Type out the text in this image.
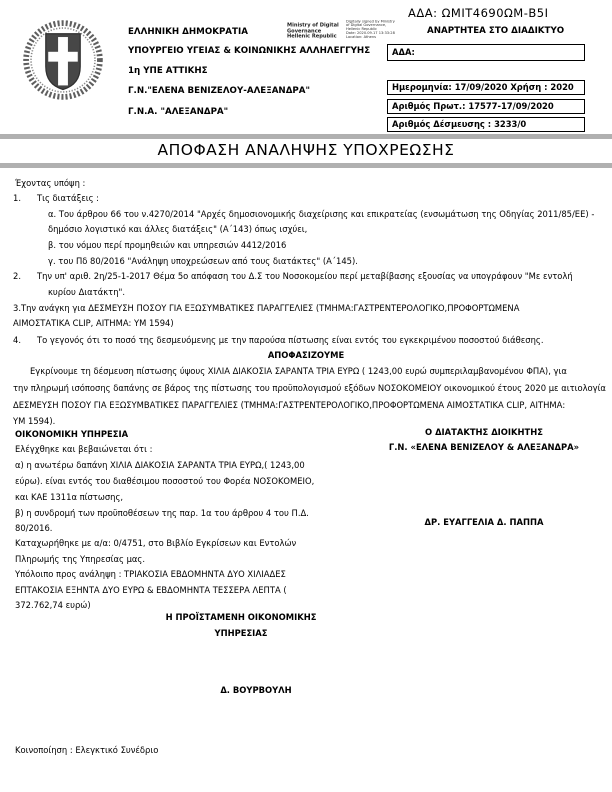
ΕΛΛΗΝΙΚΗ ΔΗΜΟΚΡΑΤΙΑ
ΥΠΟΥΡΓΕΙΟ ΥΓΕΙΑΣ & ΚΟΙΝΩΝΙΚΗΣ ΑΛΛΗΛΕΓΓΥΗΣ
1η ΥΠΕ ΑΤΤΙΚΗΣ
Γ.Ν."ΕΛΕΝΑ ΒΕΝΙΖΕΛΟΥ-ΑΛΕΞΑΝΔΡΑ"
Γ.Ν.Α. "ΑΛΕΞΑΝΔΡΑ"
Ministry of Digital
Governance
Hellenic Republic
Digitally signed by Ministry
of Digital Governance,
Hellenic Republic
Date: 2020.09.17 13:33:28
Location: Athens
ΑΔΑ: ΩΜΙΤ4690ΩΜ-Β5Ι
ΑΝΑΡΤΗΤΕΑ ΣΤΟ ΔΙΑΔΙΚΤΥΟ
ΑΔΑ:
Ημερομηνία: 17/09/2020 Χρήση : 2020
Αριθμός Πρωτ.: 17577-17/09/2020
Αριθμός Δέσμευσης : 3233/0
ΑΠΟΦΑΣΗ ΑΝΑΛΗΨΗΣ ΥΠΟΧΡΕΩΣΗΣ
Έχοντας υπόψη :
1. Τις διατάξεις :
α. Του άρθρου 66 του ν.4270/2014 "Αρχές δημοσιονομικής διαχείρισης και επικρατείας (ενσωμάτωση της Οδηγίας 2011/85/ΕΕ) -
δημόσιο λογιστικό και άλλες διατάξεις" (Α΄143) όπως ισχύει,
β. του νόμου περί προμηθειών και υπηρεσιών 4412/2016
γ. του Πδ 80/2016 "Ανάληψη υποχρεώσεων από τους διατάκτες" (Α΄145).
2. Την υπ' αριθ. 2η/25-1-2017 Θέμα 5ο απόφαση του Δ.Σ του Νοσοκομείου περί μεταβίβασης εξουσίας να υπογράφουν "Με εντολή
κυρίου Διατάκτη".
3.Την ανάγκη για ΔΕΣΜΕΥΣΗ ΠΟΣΟΥ ΓΙΑ ΕΞΩΣΥΜΒΑΤΙΚΕΣ ΠΑΡΑΓΓΕΛΙΕΣ (ΤΜΗΜΑ:ΓΑΣΤΡΕΝΤΕΡΟΛΟΓΙΚΟ,ΠΡΟΦΟΡΤΩΜΕΝΑ
ΑΙΜΟΣΤΑΤΙΚΑ CLIP, ΑΙΤΗΜΑ: ΥΜ 1594)
4. Το γεγονός ότι το ποσό της δεσμευόμενης με την παρούσα πίστωσης είναι εντός του εγκεκριμένου ποσοστού διάθεσης.
ΑΠΟΦΑΣΙΖΟΥΜΕ
Εγκρίνουμε τη δέσμευση πίστωσης ύψους ΧΙΛΙΑ ΔΙΑΚΟΣΙΑ ΣΑΡΑΝΤΑ ΤΡΙΑ ΕΥΡΩ ( 1243,00 ευρώ συμπεριλαμβανομένου ΦΠΑ), για
την πληρωμή ισόποσης δαπάνης σε βάρος της πίστωσης του προϋπολογισμού εξόδων ΝΟΣΟΚΟΜΕΙΟΥ οικονομικού έτους 2020 με αιτιολογία
ΔΕΣΜΕΥΣΗ ΠΟΣΟΥ ΓΙΑ ΕΞΩΣΥΜΒΑΤΙΚΕΣ ΠΑΡΑΓΓΕΛΙΕΣ (ΤΜΗΜΑ:ΓΑΣΤΡΕΝΤΕΡΟΛΟΓΙΚΟ,ΠΡΟΦΟΡΤΩΜΕΝΑ ΑΙΜΟΣΤΑΤΙΚΑ CLIP, ΑΙΤΗΜΑ:
ΥΜ 1594).
ΟΙΚΟΝΟΜΙΚΗ ΥΠΗΡΕΣΙΑ
Ελέγχθηκε και βεβαιώνεται ότι :
α) η ανωτέρω δαπάνη ΧΙΛΙΑ ΔΙΑΚΟΣΙΑ ΣΑΡΑΝΤΑ ΤΡΙΑ ΕΥΡΩ,( 1243,00
εύρω). είναι εντός του διαθέσιμου ποσοστού του Φορέα ΝΟΣΟΚΟΜΕΙΟ,
και ΚΑΕ 1311α πίστωσης,
β) η συνδρομή των προϋποθέσεων της παρ. 1α του άρθρου 4 του Π.Δ.
80/2016.
Καταχωρήθηκε με α/α: 0/4751, στο Βιβλίο Εγκρίσεων και Εντολών
Πληρωμής της Υπηρεσίας μας.
Υπόλοιπο προς ανάληψη : ΤΡΙΑΚΟΣΙΑ ΕΒΔΟΜΗΝΤΑ ΔΥΟ ΧΙΛΙΑΔΕΣ
ΕΠΤΑΚΟΣΙΑ ΕΞΗΝΤΑ ΔΥΟ ΕΥΡΩ & ΕΒΔΟΜΗΝΤΑ ΤΕΣΣΕΡΑ ΛΕΠΤΑ (
372.762,74 ευρώ)
Ο ΔΙΑΤΑΚΤΗΣ ΔΙΟΙΚΗΤΗΣ
Γ.Ν. «ΕΛΕΝΑ ΒΕΝΙΖΕΛΟΥ & ΑΛΕΞΑΝΔΡΑ»
ΔΡ. ΕΥΑΓΓΕΛΙΑ Δ. ΠΑΠΠΑ
Η ΠΡΟΪΣΤΑΜΕΝΗ ΟΙΚΟΝΟΜΙΚΗΣ
ΥΠΗΡΕΣΙΑΣ
Δ. ΒΟΥΡΒΟΥΛΗ
Κοινοποίηση : Ελεγκτικό Συνέδριο
